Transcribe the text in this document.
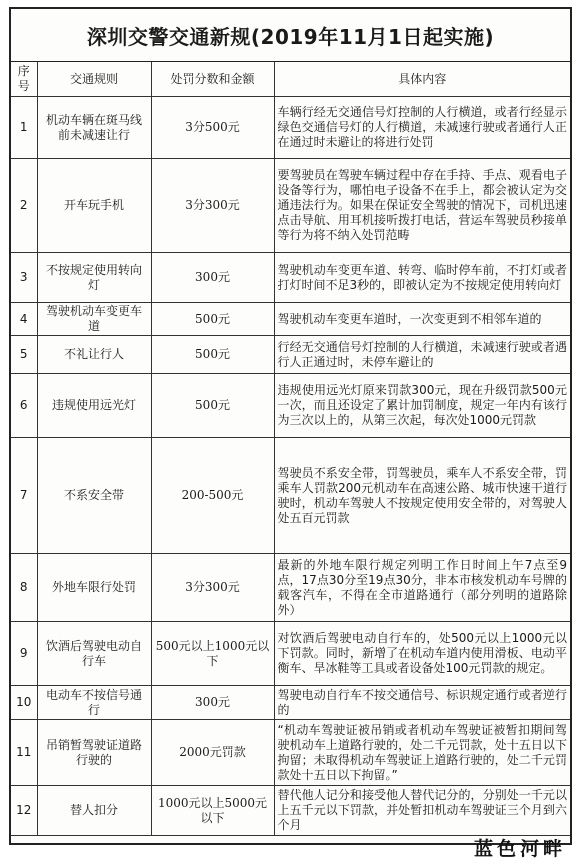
深圳交警交通新规(2019年11月1日起实施)
序号	交通规则	处罚分数和金额	具体内容
1	机动车辆在斑马线前未减速让行	3分500元	车辆行经无交通信号灯控制的人行横道，或者行经显示绿色交通信号灯的人行横道，未减速行驶或者通行人正在通过时未避让的将进行处罚
2	开车玩手机	3分300元	要驾驶员在驾驶车辆过程中存在手持、手点、观看电子设备等行为，哪怕电子设备不在手上，都会被认定为交通违法行为。如果在保证安全驾驶的情况下，司机迅速点击导航、用耳机接听拨打电话，营运车驾驶员秒接单等行为将不纳入处罚范畴
3	不按规定使用转向灯	300元	驾驶机动车变更车道、转弯、临时停车前，不打灯或者打灯时间不足3秒的，即被认定为不按规定使用转向灯
4	驾驶机动车变更车道	500元	驾驶机动车变更车道时，一次变更到不相邻车道的
5	不礼让行人	500元	行经无交通信号灯控制的人行横道，未减速行驶或者遇行人正通过时，未停车避让的
6	违规使用远光灯	500元	违规使用远光灯原来罚款300元，现在升级罚款500元一次，而且还设定了累计加罚制度，规定一年内有该行为三次以上的，从第三次起，每次处1000元罚款
7	不系安全带	200-500元	驾驶员不系安全带，罚驾驶员，乘车人不系安全带，罚乘车人罚款200元机动车在高速公路、城市快速干道行驶时，机动车驾驶人不按规定使用安全带的，对驾驶人处五百元罚款
8	外地车限行处罚	3分300元	最新的外地车限行规定列明工作日时间上午7点至9点，17点30分至19点30分，非本市核发机动车号牌的载客汽车，不得在全市道路通行（部分列明的道路除外）
9	饮酒后驾驶电动自行车	500元以上1000元以下	对饮酒后驾驶电动自行车的，处500元以上1000元以下罚款。同时，新增了在机动车道内使用滑板、电动平衡车、旱冰鞋等工具或者设备处100元罚款的规定。
10	电动车不按信号通行	300元	驾驶电动自行车不按交通信号、标识规定通行或者逆行的
11	吊销暂驾驶证道路行驶的	2000元罚款	“机动车驾驶证被吊销或者机动车驾驶证被暂扣期间驾驶机动车上道路行驶的，处二千元罚款，处十五日以下拘留；未取得机动车驾驶证上道路行驶的，处二千元罚款处十五日以下拘留。”
12	替人扣分	1000元以上5000元以下	替代他人记分和接受他人替代记分的，分别处一千元以上五千元以下罚款，并处暂扣机动车驾驶证三个月到六个月
蓝色河畔
